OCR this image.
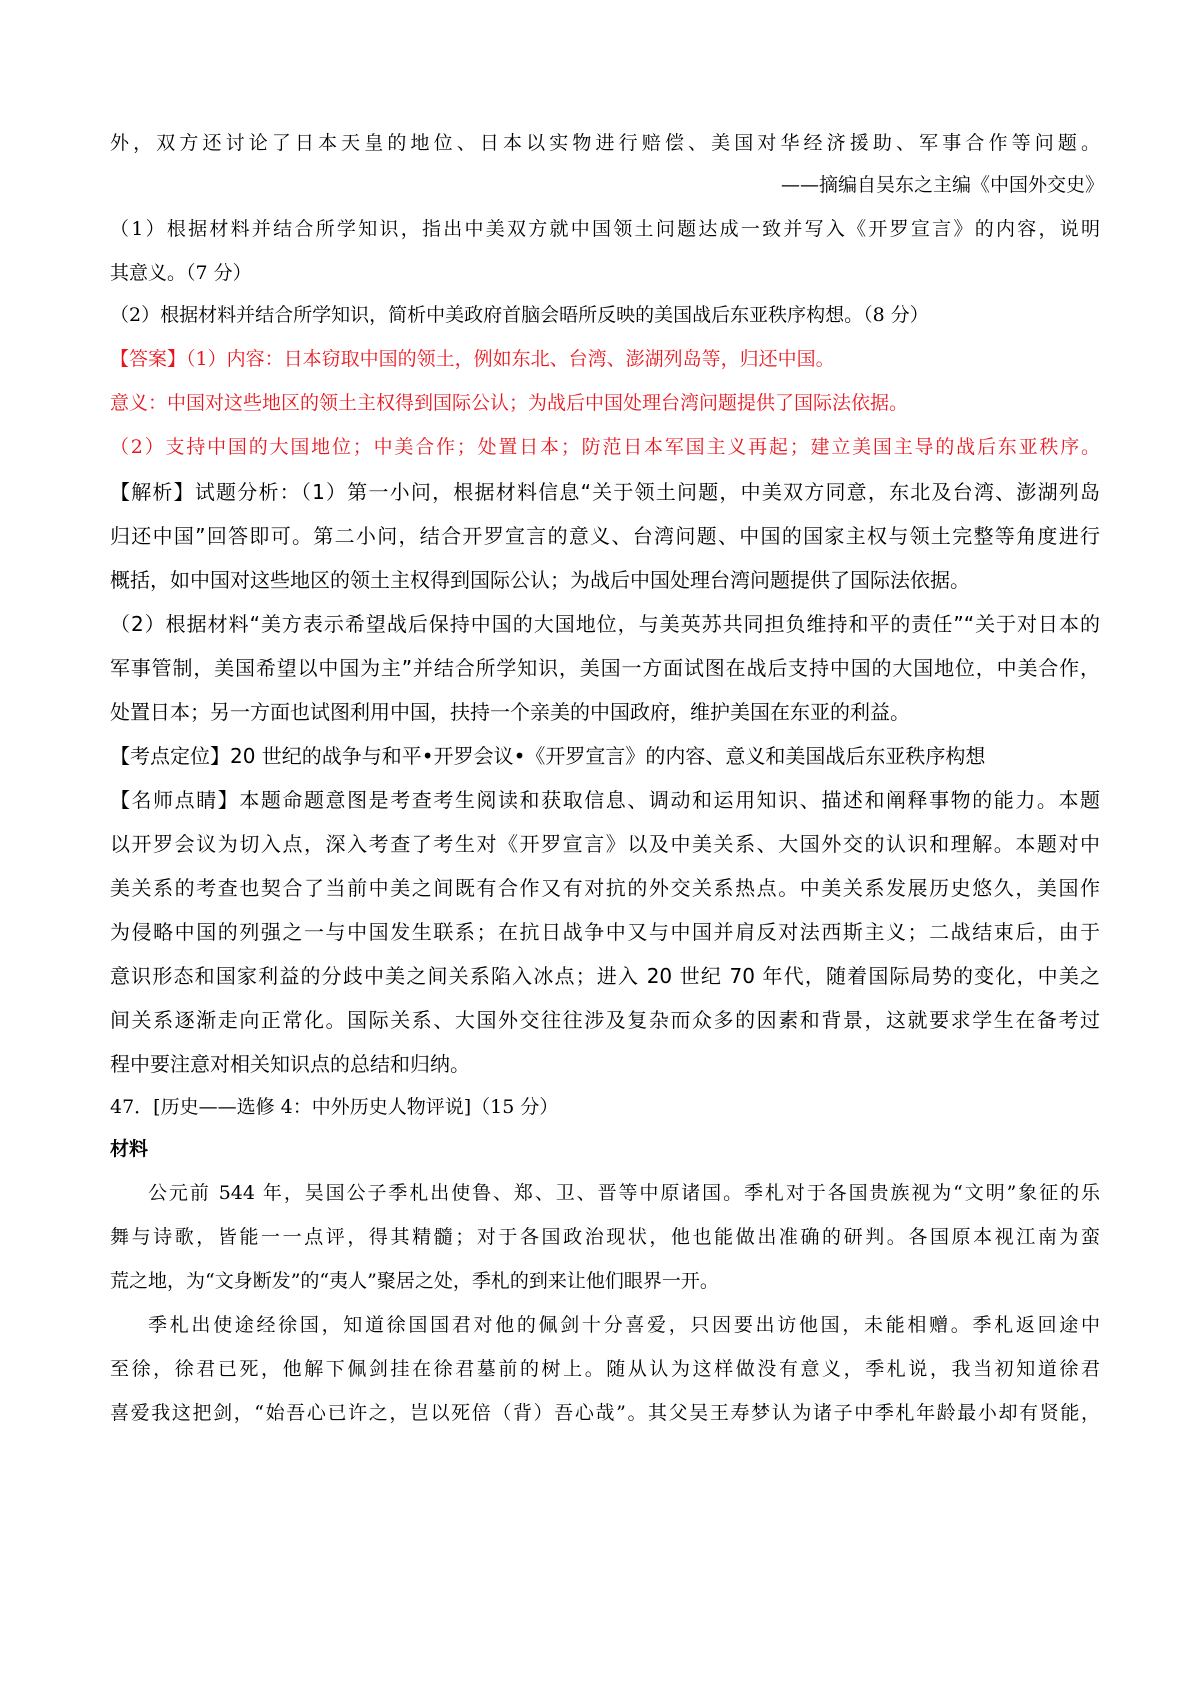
外，双方还讨论了日本天皇的地位、日本以实物进行赔偿、美国对华经济援助、军事合作等问题。
——摘编自吴东之主编《中国外交史》
（1）根据材料并结合所学知识，指出中美双方就中国领土问题达成一致并写入《开罗宣言》的内容，说明
其意义。（7 分）
（2）根据材料并结合所学知识，简析中美政府首脑会晤所反映的美国战后东亚秩序构想。（8 分）
【答案】（1）内容：日本窃取中国的领土，例如东北、台湾、澎湖列岛等，归还中国。
意义：中国对这些地区的领土主权得到国际公认；为战后中国处理台湾问题提供了国际法依据。
（2）支持中国的大国地位；中美合作；处置日本；防范日本军国主义再起；建立美国主导的战后东亚秩序。
【解析】试题分析：（1）第一小问，根据材料信息“关于领土问题，中美双方同意，东北及台湾、澎湖列岛
归还中国”回答即可。第二小问，结合开罗宣言的意义、台湾问题、中国的国家主权与领土完整等角度进行
概括，如中国对这些地区的领土主权得到国际公认；为战后中国处理台湾问题提供了国际法依据。
（2）根据材料“美方表示希望战后保持中国的大国地位，与美英苏共同担负维持和平的责任”“关于对日本的
军事管制，美国希望以中国为主”并结合所学知识，美国一方面试图在战后支持中国的大国地位，中美合作，
处置日本；另一方面也试图利用中国，扶持一个亲美的中国政府，维护美国在东亚的利益。
【考点定位】20 世纪的战争与和平•开罗会议•《开罗宣言》的内容、意义和美国战后东亚秩序构想
【名师点睛】本题命题意图是考查考生阅读和获取信息、调动和运用知识、描述和阐释事物的能力。本题
以开罗会议为切入点，深入考查了考生对《开罗宣言》以及中美关系、大国外交的认识和理解。本题对中
美关系的考查也契合了当前中美之间既有合作又有对抗的外交关系热点。中美关系发展历史悠久，美国作
为侵略中国的列强之一与中国发生联系；在抗日战争中又与中国并肩反对法西斯主义；二战结束后，由于
意识形态和国家利益的分歧中美之间关系陷入冰点；进入 20 世纪 70 年代，随着国际局势的变化，中美之
间关系逐渐走向正常化。国际关系、大国外交往往涉及复杂而众多的因素和背景，这就要求学生在备考过
程中要注意对相关知识点的总结和归纳。
47．[历史——选修 4：中外历史人物评说]（15 分）
材料
公元前 544 年，吴国公子季札出使鲁、郑、卫、晋等中原诸国。季札对于各国贵族视为“文明”象征的乐
舞与诗歌，皆能一一点评，得其精髓；对于各国政治现状，他也能做出准确的研判。各国原本视江南为蛮
荒之地，为“文身断发”的“夷人”聚居之处，季札的到来让他们眼界一开。
季札出使途经徐国，知道徐国国君对他的佩剑十分喜爱，只因要出访他国，未能相赠。季札返回途中
至徐，徐君已死，他解下佩剑挂在徐君墓前的树上。随从认为这样做没有意义，季札说，我当初知道徐君
喜爱我这把剑，“始吾心已许之，岂以死倍（背）吾心哉”。其父吴王寿梦认为诸子中季札年龄最小却有贤能，
